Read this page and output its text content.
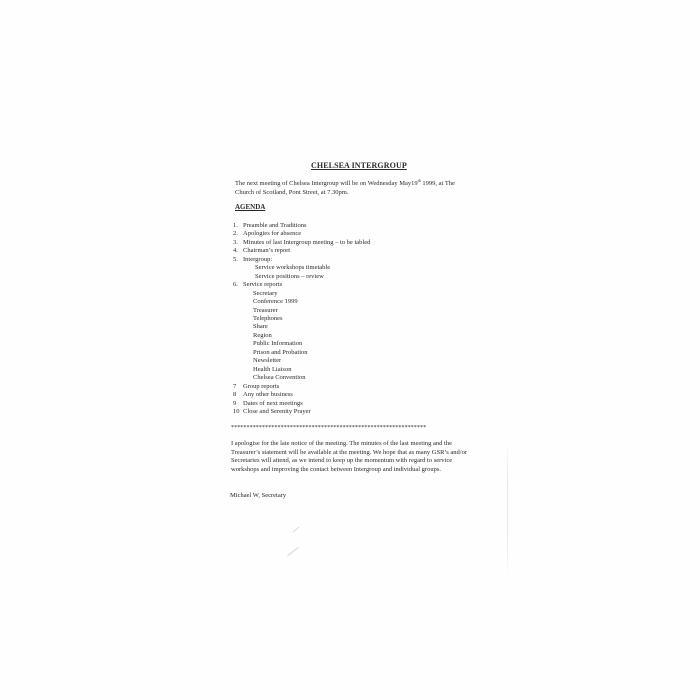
CHELSEA INTERGROUP
The next meeting of Chelsea Intergroup will be on Wednesday May19th 1999, at The Church of Scotland, Pont Street, at 7.30pm.
AGENDA
1. Preamble and Traditions
2. Apologies for absence
3. Minutes of last Intergroup meeting – to be tabled
4. Chairman’s report
5. Intergroup:
Service workshops timetable
Service positions – review
6. Service reports
Secretary
Conference 1999
Treasurer
Telephones
Share
Region
Public Information
Prison and Probation
Newsletter
Health Liaison
Chelsea Convention
7 Group reports
8 Any other business
9 Dates of next meetings
10 Close and Serenity Prayer
***************************************************************
I apologise for the late notice of the meeting. The minutes of the last meeting and the Treasurer’s statement will be available at the meeting. We hope that as many GSR’s and/or Secretaries will attend, as we intend to keep up the momentum with regard to service workshops and improving the contact between Intergroup and individual groups.
Michael W, Secretary
